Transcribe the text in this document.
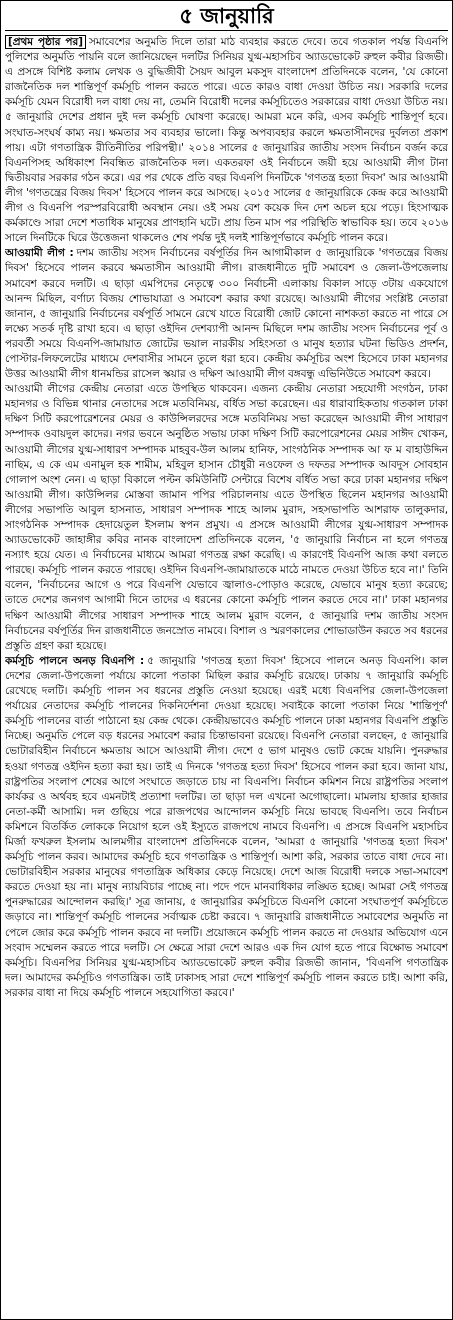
৫ জানুয়ারি

[প্রথম পৃষ্ঠার পর] সমাবেশের অনুমতি দিলে তারা মাঠ ব্যবহার করতে দেবে। তবে গতকাল পর্যন্ত বিএনপি পুলিশের অনুমতি পায়নি বলে জানিয়েছেন দলটির সিনিয়র যুগ্ম-মহাসচিব অ্যাডভোকেট রুহুল কবীর রিজভী। এ প্রসঙ্গে বিশিষ্ট কলাম লেখক ও বুদ্ধিজীবী সৈয়দ আবুল মকসুদ বাংলাদেশ প্রতিদিনকে বলেন, 'যে কোনো রাজনৈতিক দল শান্তিপূর্ণ কর্মসূচি পালন করতে পারে। এতে কারও বাধা দেওয়া উচিত নয়। সরকারি দলের কর্মসূচি যেমন বিরোধী দল বাধা দেয় না, তেমনি বিরোধী দলের কর্মসূচিতেও সরকারের বাধা দেওয়া উচিত নয়। ৫ জানুয়ারি দেশের প্রধান দুই দল কর্মসূচি ঘোষণা করেছে। আমরা মনে করি, এসব কর্মসূচি শান্তিপূর্ণ হবে। সংঘাত-সংঘর্ষ কাম্য নয়। ক্ষমতার সব ব্যবহার ভালো। কিন্তু অপব্যবহার করলে ক্ষমতাসীনদের দুর্বলতা প্রকাশ পায়। এটা গণতান্ত্রিক রীতিনীতির পরিপন্থী।' ২০১৪ সালের ৫ জানুয়ারির জাতীয় সংসদ নির্বাচন বর্জন করে বিএনপিসহ অধিকাংশ নিবন্ধিত রাজনৈতিক দল। একতরফা ওই নির্বাচনে জয়ী হয়ে আওয়ামী লীগ টানা দ্বিতীয়বার সরকার গঠন করে। এর পর থেকে প্রতি বছর বিএনপি দিনটিকে 'গণতন্ত্র হত্যা দিবস' আর আওয়ামী লীগ 'গণতন্ত্রের বিজয় দিবস' হিসেবে পালন করে আসছে। ২০১৫ সালের ৫ জানুয়ারিকে কেন্দ্র করে আওয়ামী লীগ ও বিএনপি পরস্পরবিরোধী অবস্থান নেয়। ওই সময় বেশ কয়েক দিন দেশ অচল হয়ে পড়ে। হিংসাত্মক কর্মকাণ্ডে সারা দেশে শতাধিক মানুষের প্রাণহানি ঘটে। প্রায় তিন মাস পর পরিস্থিতি স্বাভাবিক হয়। তবে ২০১৬ সালে দিনটিকে ঘিরে উত্তেজনা থাকলেও শেষ পর্যন্ত দুই দলই শান্তিপূর্ণভাবে কর্মসূচি পালন করে।

আওয়ামী লীগ : দশম জাতীয় সংসদ নির্বাচনের বর্ষপূর্তির দিন আগামীকাল ৫ জানুয়ারিকে 'গণতন্ত্রের বিজয় দিবস' হিসেবে পালন করবে ক্ষমতাসীন আওয়ামী লীগ। রাজধানীতে দুটি সমাবেশ ও জেলা-উপজেলায় সমাবেশ করবে দলটি। এ ছাড়া এমপিদের নেতৃত্বে ৩০০ নির্বাচনী এলাকায় বিকাল সাড়ে ৩টায় একযোগে আনন্দ মিছিল, বর্ণাঢ্য বিজয় শোভাযাত্রা ও সমাবেশ করার কথা রয়েছে। আওয়ামী লীগের সংশ্লিষ্ট নেতারা জানান, ৫ জানুয়ারি নির্বাচনের বর্ষপূর্তি সামনে রেখে যাতে বিরোধী জোট কোনো নাশকতা করতে না পারে সে লক্ষ্যে সতর্ক দৃষ্টি রাখা হবে। এ ছাড়া ওইদিন দেশব্যাপী আনন্দ মিছিলে দশম জাতীয় সংসদ নির্বাচনের পূর্ব ও পরবর্তী সময়ে বিএনপি-জামায়াত জোটের ভয়াল নারকীয় সহিংসতা ও মানুষ হত্যার ঘটনা ভিডিও প্রদর্শন, পোস্টার-লিফলেটের মাধ্যমে দেশবাসীর সামনে তুলে ধরা হবে। কেন্দ্রীয় কর্মসূচির অংশ হিসেবে ঢাকা মহানগর উত্তর আওয়ামী লীগ ধানমন্ডির রাসেল স্কয়ার ও দক্ষিণ আওয়ামী লীগ বঙ্গবন্ধু এভিনিউতে সমাবেশ করবে।

আওয়ামী লীগের কেন্দ্রীয় নেতারা এতে উপস্থিত থাকবেন। এজন্য কেন্দ্রীয় নেতারা সহযোগী সংগঠন, ঢাকা মহানগর ও বিভিন্ন থানার নেতাদের সঙ্গে মতবিনিময়, বর্ধিত সভা করেছেন। এর ধারাবাহিকতায় গতকাল ঢাকা দক্ষিণ সিটি করপোরেশনের মেয়র ও কাউন্সিলরদের সঙ্গে মতবিনিময় সভা করেছেন আওয়ামী লীগ সাধারণ সম্পাদক ওবায়দুল কাদের। নগর ভবনে অনুষ্ঠিত সভায় ঢাকা দক্ষিণ সিটি করপোরেশনের মেয়র সাঈদ খোকন, আওয়ামী লীগের যুগ্ম-সাধারণ সম্পাদক মাহবুব-উল আলম হানিফ, সাংগঠনিক সম্পাদক আ ফ ম বাহাউদ্দিন নাছিম, এ কে এম এনামুল হক শামীম, মহিবুল হাসান চৌধুরী নওফেল ও দফতর সম্পাদক আবদুস সোবহান গোলাপ অংশ নেন। এ ছাড়া বিকালে পল্টন কমিউনিটি সেন্টারে বিশেষ বর্ধিত সভা করে ঢাকা মহানগর দক্ষিণ আওয়ামী লীগ। কাউন্সিলর মোস্তবা জামান পপির পরিচালনায় এতে উপস্থিত ছিলেন মহানগর আওয়ামী লীগের সভাপতি আবুল হাসনাত, সাধারণ সম্পাদক শাহে আলম মুরাদ, সহসভাপতি আশরাফ তালুকদার, সাংগঠনিক সম্পাদক হেদায়েতুল ইসলাম স্বপন প্রমুখ। এ প্রসঙ্গে আওয়ামী লীগের যুগ্ম-সাধারণ সম্পাদক অ্যাডভোকেট জাহাঙ্গীর কবির নানক বাংলাদেশ প্রতিদিনকে বলেন, '৫ জানুয়ারি নির্বাচন না হলে গণতন্ত্র নস্যাৎ হয়ে যেত। এ নির্বাচনের মাধ্যমে আমরা গণতন্ত্র রক্ষা করেছি। এ কারণেই বিএনপি আজ কথা বলতে পারছে। কর্মসূচি পালন করতে পারছে। ওইদিন বিএনপি-জামায়াতকে মাঠে নামতে দেওয়া উচিত হবে না।' তিনি বলেন, 'নির্বাচনের আগে ও পরে বিএনপি যেভাবে জ্বালাও-পোড়াও করেছে, যেভাবে মানুষ হত্যা করেছে; তাতে দেশের জনগণ আগামী দিনে তাদের এ ধরনের কোনো কর্মসূচি পালন করতে দেবে না।' ঢাকা মহানগর দক্ষিণ আওয়ামী লীগের সাধারণ সম্পাদক শাহে আলম মুরাদ বলেন, ৫ জানুয়ারি দশম জাতীয় সংসদ নির্বাচনের বর্ষপূর্তির দিন রাজধানীতে জনস্রোত নামবে। বিশাল ও স্মরণকালের শোভাডাউন করতে সব ধরনের প্রস্তুতি গ্রহণ করা হয়েছে।

কর্মসূচি পালনে অনড় বিএনপি : ৫ জানুয়ারি 'গণতন্ত্র হত্যা দিবস' হিসেবে পালনে অনড় বিএনপি। কাল দেশের জেলা-উপজেলা পর্যায়ে কালো পতাকা মিছিল করার কর্মসূচি রয়েছে। ঢাকায় ৭ জানুয়ারি কর্মসূচি রেখেছে দলটি। কর্মসূচি পালন সব ধরনের প্রস্তুতি নেওয়া হয়েছে। এরই মধ্যে বিএনপির জেলা-উপজেলা পর্যায়ের নেতাদের কর্মসূচি পালনের দিকনির্দেশনা দেওয়া হয়েছে। সবাইকে কালো পতাকা নিয়ে 'শান্তিপূর্ণ' কর্মসূচি পালনের বার্তা পাঠানো হয় কেন্দ্র থেকে। কেন্দ্রীয়ভাবেও কর্মসূচি পালনে ঢাকা মহানগর বিএনপি প্রস্তুতি নিচ্ছে। অনুমতি পেলে বড় ধরনের সমাবেশ করার চিন্তাভাবনা রয়েছে। বিএনপি নেতারা বলছেন, ৫ জানুয়ারি ভোটারবিহীন নির্বাচনে ক্ষমতায় আসে আওয়ামী লীগ। দেশে ৫ ভাগ মানুষও ভোট কেন্দ্রে যায়নি। পুনরুদ্ধার হওয়া গণতন্ত্র ওইদিন হত্যা করা হয়। তাই এ দিনকে 'গণতন্ত্র হত্যা দিবস' হিসেবে পালন করা হবে। জানা যায়, রাষ্ট্রপতির সংলাপ শেষের আগে সংঘাতে জড়াতে চায় না বিএনপি। নির্বাচন কমিশন নিয়ে রাষ্ট্রপতির সংলাপ কার্যকর ও অর্থবহ হবে এমনটাই প্রত্যাশা দলটির। তা ছাড়া দল এখনো অগোছালো। মামলায় হাজার হাজার নেতা-কর্মী আসামি। দল গুছিয়ে পরে রাজপথের আন্দোলন কর্মসূচি নিয়ে ভাবছে বিএনপি। তবে নির্বাচন কমিশনে বিতর্কিত লোককে নিয়োগ হলে ওই ইস্যুতে রাজপথে নামবে বিএনপি। এ প্রসঙ্গে বিএনপি মহাসচিব মির্জা ফখরুল ইসলাম আলমগীর বাংলাদেশ প্রতিদিনকে বলেন, 'আমরা ৫ জানুয়ারি 'গণতন্ত্র হত্যা দিবস' কর্মসূচি পালন করব। আমাদের কর্মসূচি হবে গণতান্ত্রিক ও শান্তিপূর্ণ। আশা করি, সরকার তাতে বাধা দেবে না। ভোটারবিহীন সরকার মানুষের গণতান্ত্রিক অধিকার কেড়ে নিয়েছে। দেশে আজ বিরোধী দলকে সভা-সমাবেশ করতে দেওয়া হয় না। মানুষ ন্যায়বিচার পাচ্ছে না। পদে পদে মানবাধিকার লঙ্ঘিত হচ্ছে। আমরা সেই গণতন্ত্র পুনরুদ্ধারের আন্দোলন করছি।' সূত্র জানায়, ৫ জানুয়ারির কর্মসূচিতে বিএনপি কোনো সংঘাতপূর্ণ কর্মসূচিতে জড়াবে না। শান্তিপূর্ণ কর্মসূচি পালনের সর্বাত্মক চেষ্টা করবে। ৭ জানুয়ারি রাজধানীতে সমাবেশের অনুমতি না পেলে জোর করে কর্মসূচি পালন করবে না দলটি। প্রয়োজনে কর্মসূচি পালন করতে না দেওয়ার অভিযোগ এনে সংবাদ সম্মেলন করতে পারে দলটি। সে ক্ষেত্রে সারা দেশে আরও এক দিন যোগ হতে পারে বিক্ষোভ সমাবেশ কর্মসূচি। বিএনপির সিনিয়র যুগ্ম-মহাসচিব অ্যাডভোকেট রুহুল কবীর রিজভী জানান, 'বিএনপি গণতান্ত্রিক দল। আমাদের কর্মসূচিও গণতান্ত্রিক। তাই ঢাকাসহ সারা দেশে শান্তিপূর্ণ কর্মসূচি পালন করতে চাই। আশা করি, সরকার বাধা না দিয়ে কর্মসূচি পালনে সহযোগিতা করবে।'
